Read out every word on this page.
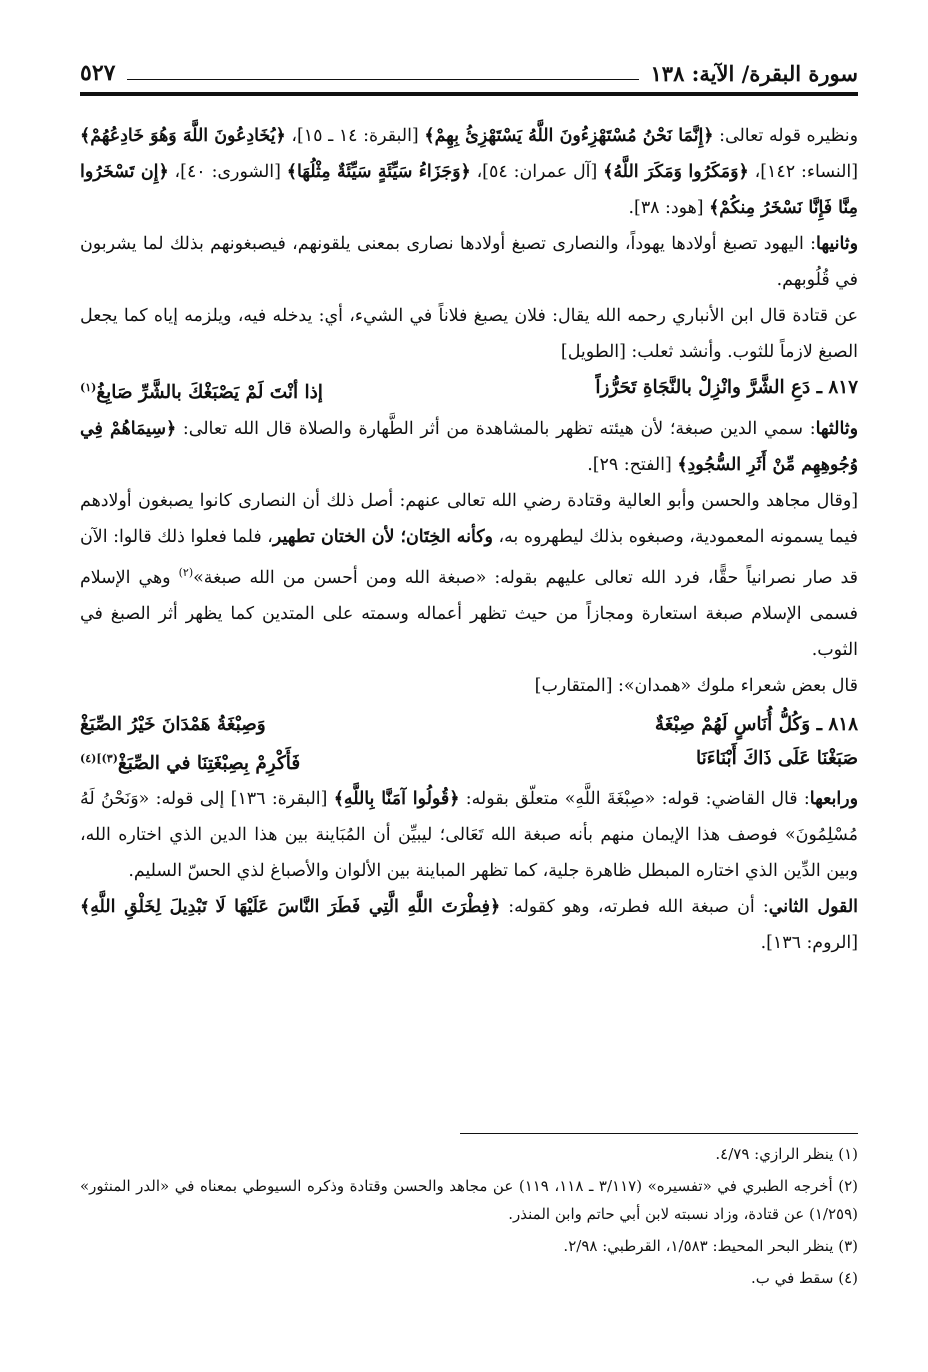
سورة البقرة/ الآية: ١٣٨
٥٢٧

ونظيره قوله تعالى: ﴿إِنَّمَا نَحْنُ مُسْتَهْزِءُونَ اللَّهُ يَسْتَهْزِئُ بِهِمْ﴾ [البقرة: ١٤ ـ ١٥]، ﴿يُخَادِعُونَ اللَّهَ وَهُوَ خَادِعُهُمْ﴾ [النساء: ١٤٢]، ﴿وَمَكَرُوا وَمَكَرَ اللَّهُ﴾ [آل عمران: ٥٤]، ﴿وَجَزَاءُ سَيِّئَةٍ سَيِّئَةٌ مِثْلُهَا﴾ [الشورى: ٤٠]، ﴿إِن تَسْخَرُوا مِنَّا فَإِنَّا نَسْخَرُ مِنكُمْ﴾ [هود: ٣٨].

وثانيها: اليهود تصبغ أولادها يهوداً، والنصارى تصبغ أولادها نصارى بمعنى يلقونهم، فيصبغونهم بذلك لما يشربون في قُلُوبهم.

عن قتادة قال ابن الأنباري رحمه الله يقال: فلان يصبغ فلاناً في الشيء، أي: يدخله فيه، ويلزمه إياه كما يجعل الصبغ لازماً للثوب. وأنشد ثعلب: [الطويل]

٨١٧ ـ دَعِ الشَّرَّ وانْزِلْ بالنَّجَاةِ تَحَرُّزاً
إذا أنْتَ لَمْ يَصْبَغْكَ بالشَّرِّ صَابِغُ$^{(١)}$

وثالثها: سمي الدين صبغة؛ لأن هيئته تظهر بالمشاهدة من أثر الطَّهارة والصلاة قال الله تعالى: ﴿سِيمَاهُمْ فِي وُجُوهِهِم مِّنْ أَثَرِ السُّجُودِ﴾ [الفتح: ٢٩].

[وقال مجاهد والحسن وأبو العالية وقتادة رضي الله تعالى عنهم: أصل ذلك أن النصارى كانوا يصبغون أولادهم فيما يسمونه المعمودية، وصبغوه بذلك ليطهروه به، وكأنه الخِتَان؛ لأن الختان تطهير، فلما فعلوا ذلك قالوا: الآن قد صار نصرانياً حقًّا، فرد الله تعالى عليهم بقوله: «صبغة الله ومن أحسن من الله صبغة»$^{(٢)}$ وهي الإسلام فسمى الإسلام صبغة استعارة ومجازاً من حيث تظهر أعماله وسمته على المتدين كما يظهر أثر الصبغ في الثوب.

قال بعض شعراء ملوك «همدان»: [المتقارب]

٨١٨ ـ وَكُلُّ أُنَاسٍ لَهُمْ صِبْغَةٌ
وَصِبْغَةُ هَمْدَانَ خَيْرُ الصِّبَغْ
صَبَغْنَا عَلَى ذَاكَ أَبْنَاءَنَا
فَأَكْرِمْ بِصِبْغَتِنَا في الصِّبَغْ$^{(٣)](٤)}$

ورابعها: قال القاضي: قوله: «صِبْغَةَ اللَّهِ» متعلّق بقوله: ﴿قُولُوا آمَنَّا بِاللَّهِ﴾ [البقرة: ١٣٦] إلى قوله: «وَنَحْنُ لَهُ مُسْلِمُونَ» فوصف هذا الإيمان منهم بأنه صبغة الله تَعَالى؛ ليبيِّن أن المُبَاينة بين هذا الدين الذي اختاره الله، وبين الدِّين الذي اختاره المبطل ظاهرة جلية، كما تظهر المباينة بين الألوان والأصباغ لذي الحسّ السليم.

القول الثاني: أن صبغة الله فطرته، وهو كقوله: ﴿فِطْرَتَ اللَّهِ الَّتِي فَطَرَ النَّاسَ عَلَيْهَا لَا تَبْدِيلَ لِخَلْقِ اللَّهِ﴾ [الروم: ١٣٦].

(١) ينظر الرازي: ٤/٧٩.

(٢) أخرجه الطبري في «تفسيره» (٣/١١٧ ـ ١١٨، ١١٩) عن مجاهد والحسن وقتادة وذكره السيوطي بمعناه في «الدر المنثور» (١/٢٥٩) عن قتادة، وزاد نسبته لابن أبي حاتم وابن المنذر.

(٣) ينظر البحر المحيط: ١/٥٨٣، القرطبي: ٢/٩٨.

(٤) سقط في ب.
